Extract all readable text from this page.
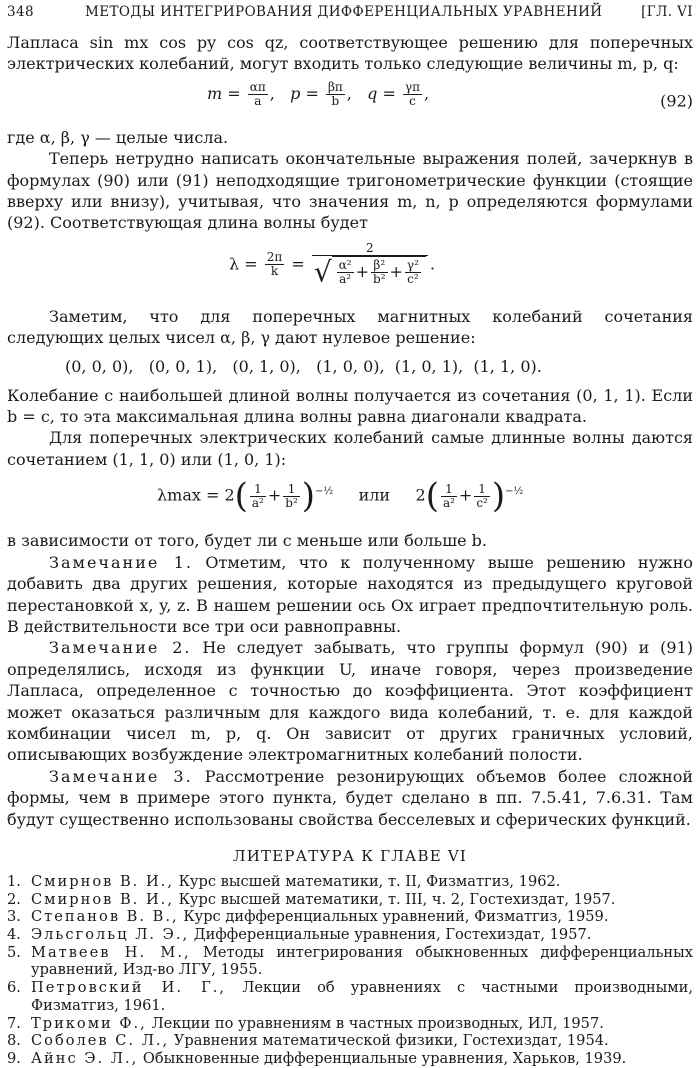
348	МЕТОДЫ ИНТЕГРИРОВАНИЯ ДИФФЕРЕНЦИАЛЬНЫХ УРАВНЕНИЙ	[ГЛ. VI

Лапласа sin mx cos py cos qz, соответствующее решению для поперечных электрических колебаний, могут входить только следующие величины m, p, q:

$m = \frac{\alpha\pi}{a}$ ,   $p = \frac{\beta\pi}{b}$ ,   $q = \frac{\gamma\pi}{c}$ ,	(92)

где α, β, γ — целые числа.

Теперь нетрудно написать окончательные выражения полей, зачеркнув в формулах (90) или (91) неподходящие тригонометрические функции (стоящие вверху или внизу), учитывая, что значения m, n, p определяются формулами (92). Соответствующая длина волны будет

$\lambda = \frac{2\pi}{k} = \frac{2}{√ \frac{\text{α²}}{\text{a²}} + \frac{\text{β²}}{\text{b²}} + \frac{\text{γ²}}{\text{c²}}}$ .

Заметим, что для поперечных магнитных колебаний сочетания следующих целых чисел α, β, γ дают нулевое решение:

(0, 0, 0),   (0, 0, 1),   (0, 1, 0),   (1, 0, 0),  (1, 0, 1),  (1, 1, 0).

Колебание с наибольшей длиной волны получается из сочетания (0, 1, 1). Если b = c, то эта максимальная длина волны равна диагонали квадрата.

Для поперечных электрических колебаний самые длинные волны даются сочетанием (1, 1, 0) или (1, 0, 1):

$\lambda\max = 2( \frac{1}{\text{a²}} + \frac{1}{\text{b²}} )^{-\frac{1}{2}}$ или $2( \frac{1}{\text{a²}} + \frac{1}{\text{c²}} )^{-\frac{1}{2}}$

в зависимости от того, будет ли c меньше или больше b.

Замечание 1. Отметим, что к полученному выше решению нужно добавить два других решения, которые находятся из предыдущего круговой перестановкой x, y, z. В нашем решении ось Ox играет предпочтительную роль. В действительности все три оси равноправны.

Замечание 2. Не следует забывать, что группы формул (90) и (91) определялись, исходя из функции U, иначе говоря, через произведение Лапласа, определенное с точностью до коэффициента. Этот коэффициент может оказаться различным для каждого вида колебаний, т. е. для каждой комбинации чисел m, p, q. Он зависит от других граничных условий, описывающих возбуждение электромагнитных колебаний полости.

Замечание 3. Рассмотрение резонирующих объемов более сложной формы, чем в примере этого пункта, будет сделано в пп. 7.5.41, 7.6.31. Там будут существенно использованы свойства бесселевых и сферических функций.

ЛИТЕРАТУРА К ГЛАВЕ VI
1. Смирнов В. И., Курс высшей математики, т. II, Физматгиз, 1962.
2. Смирнов В. И., Курс высшей математики, т. III, ч. 2, Гостехиздат, 1957.
3. Степанов В. В., Курс дифференциальных уравнений, Физматгиз, 1959.
4. Эльсгольц Л. Э., Дифференциальные уравнения, Гостехиздат, 1957.
5. Матвеев Н. М., Методы интегрирования обыкновенных дифференциальных уравнений, Изд-во ЛГУ, 1955.
6. Петровский И. Г., Лекции об уравнениях с частными производными, Физматгиз, 1961.
7. Трикоми Ф., Лекции по уравнениям в частных производных, ИЛ, 1957.
8. Соболев С. Л., Уравнения математической физики, Гостехиздат, 1954.
9. Айнс Э. Л., Обыкновенные дифференциальные уравнения, Харьков, 1939.
